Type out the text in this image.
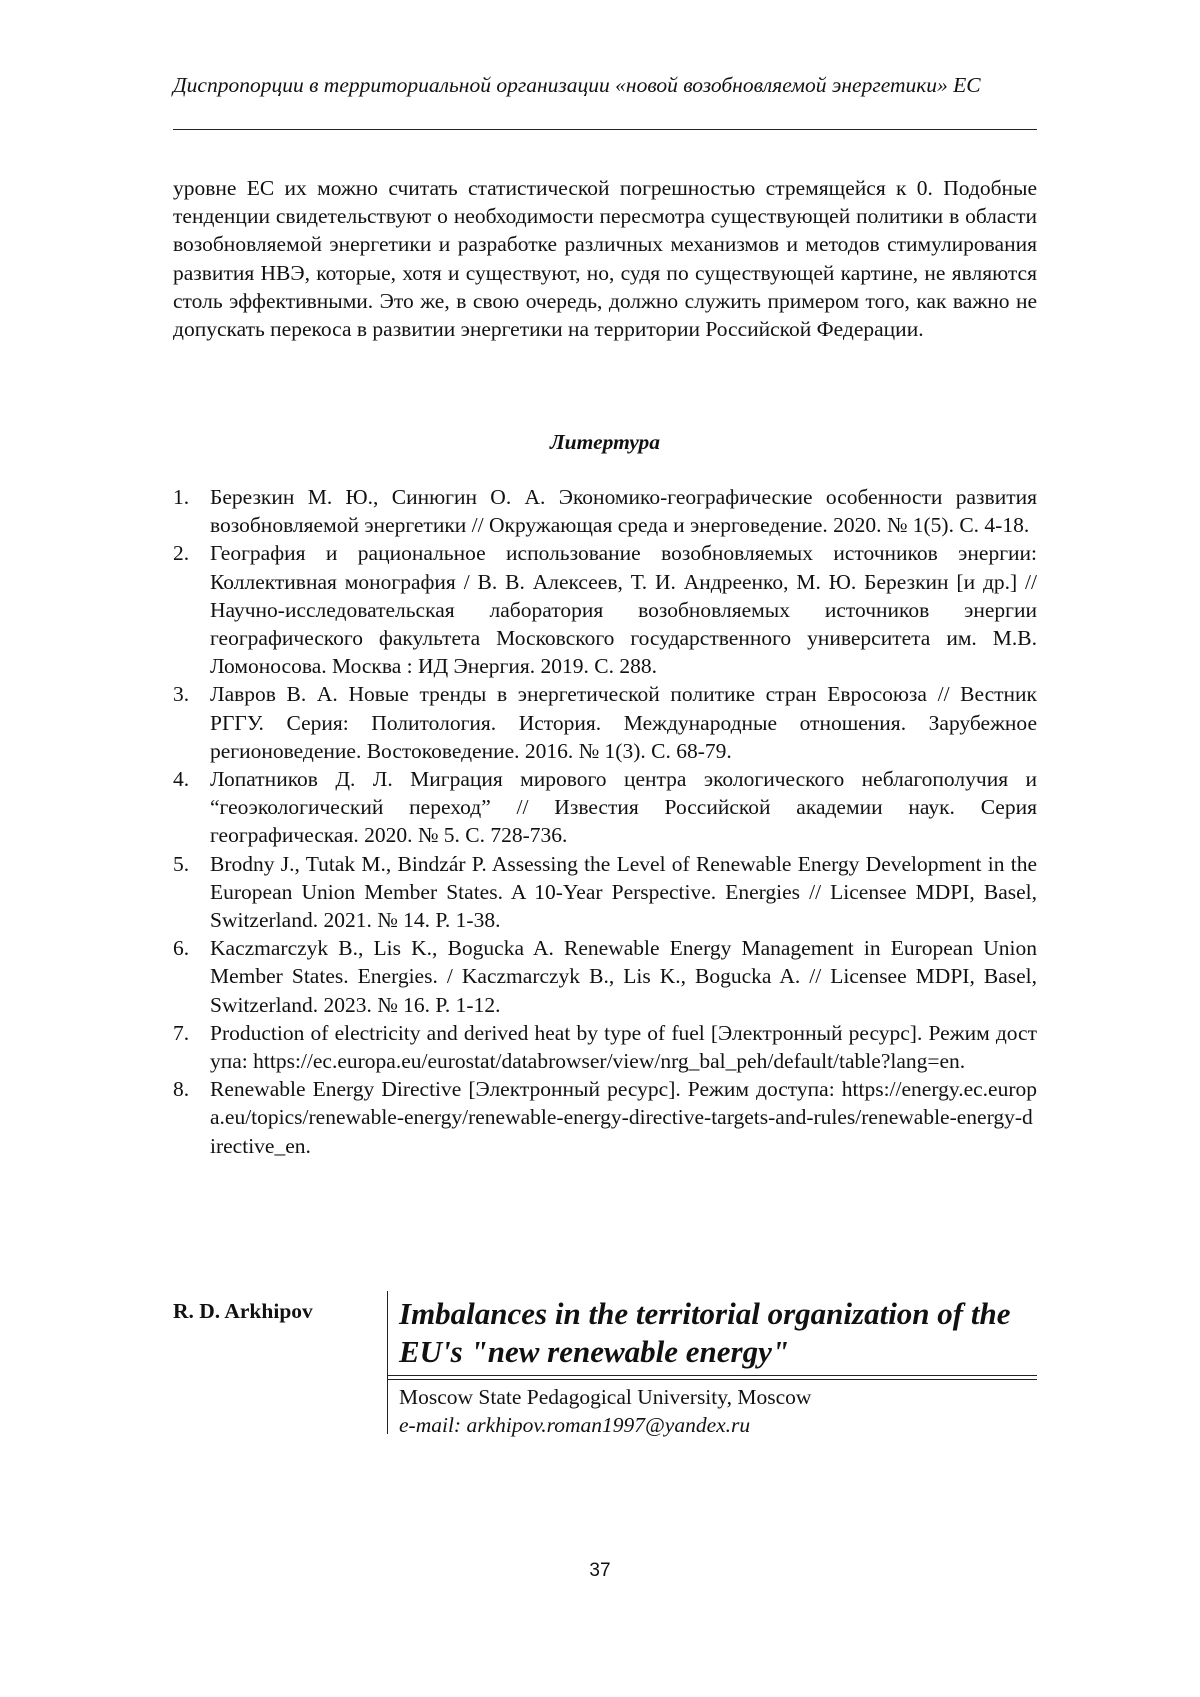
Диспропорции в территориальной организации «новой возобновляемой энергетики» ЕС

уровне ЕС их можно считать статистической погрешностью стремящейся к 0. Подобные тенденции свидетельствуют о необходимости пересмотра существующей политики в области возобновляемой энергетики и разработке различных механизмов и методов стимулирования развития НВЭ, которые, хотя и существуют, но, судя по существующей картине, не являются столь эффективными. Это же, в свою очередь, должно служить примером того, как важно не допускать перекоса в развитии энергетики на территории Российской Федерации.

Литертура
1. Березкин М. Ю., Синюгин О. А. Экономико-географические особенности развития возобновляемой энергетики // Окружающая среда и энерговедение. 2020. № 1(5). С. 4-18.
2. География и рациональное использование возобновляемых источников энергии: Коллективная монография / В. В. Алексеев, Т. И. Андреенко, М. Ю. Березкин [и др.] // Научно-исследовательская лаборатория возобновляемых источников энергии географического факультета Московского государственного университета им. М.В. Ломоносова. Москва : ИД Энергия. 2019. С. 288.
3. Лавров В. А. Новые тренды в энергетической политике стран Евросоюза // Вестник РГГУ. Серия: Политология. История. Международные отношения. Зарубежное регионоведение. Востоковедение. 2016. № 1(3). С. 68-79.
4. Лопатников Д. Л. Миграция мирового центра экологического неблагополучия и “геоэкологический переход” // Известия Российской академии наук. Серия географическая. 2020. № 5. С. 728-736.
5. Brodny J., Tutak M., Bindzár P. Assessing the Level of Renewable Energy Development in the European Union Member States. A 10-Year Perspective. Energies // Licensee MDPI, Basel, Switzerland. 2021. № 14. P. 1-38.
6. Kaczmarczyk B., Lis K., Bogucka A. Renewable Energy Management in European Union Member States. Energies. / Kaczmarczyk B., Lis K., Bogucka A. // Licensee MDPI, Basel, Switzerland. 2023. № 16. P. 1-12.
7. Production of electricity and derived heat by type of fuel [Электронный ресурс]. Режим доступа: https://ec.europa.eu/eurostat/databrowser/view/nrg_bal_peh/default/table?lang=en.
8. Renewable Energy Directive [Электронный ресурс]. Режим доступа: https://energy.ec.europa.eu/topics/renewable-energy/renewable-energy-directive-targets-and-rules/renewable-energy-directive_en.
R. D. Arkhipov	Imbalances in the territorial organization of the EU's "new renewable energy"
Moscow State Pedagogical University, Moscow
e-mail: arkhipov.roman1997@yandex.ru
37
